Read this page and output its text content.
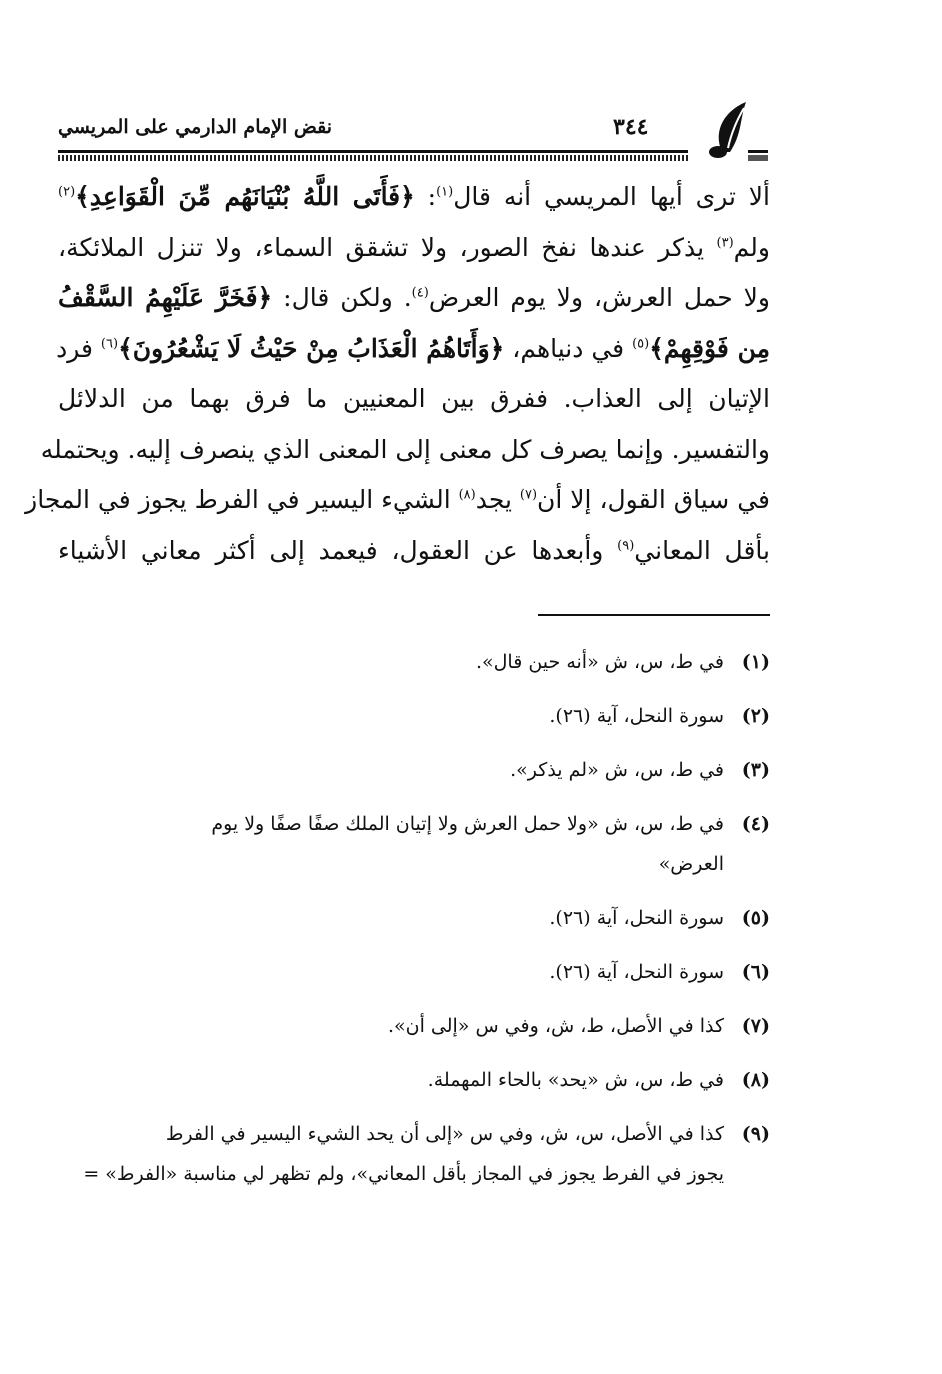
نقض الإمام الدارمي على المريسي	٣٤٤
ألا ترى أيها المريسي أنه قال$^{(١)}$: ﴿فَأَتَى اللَّهُ بُنْيَانَهُم مِّنَ الْقَوَاعِدِ﴾$^{(٢)}$
ولم$^{(٣)}$ يذكر عندها نفخ الصور، ولا تشقق السماء، ولا تنزل الملائكة،
ولا حمل العرش، ولا يوم العرض$^{(٤)}$. ولكن قال: ﴿فَخَرَّ عَلَيْهِمُ السَّقْفُ
مِن فَوْقِهِمْ﴾$^{(٥)}$ في دنياهم، ﴿وَأَتَاهُمُ الْعَذَابُ مِنْ حَيْثُ لَا يَشْعُرُونَ﴾$^{(٦)}$ فرد
الإتيان إلى العذاب. ففرق بين المعنيين ما فرق بهما من الدلائل
والتفسير. وإنما يصرف كل معنى إلى المعنى الذي ينصرف إليه. ويحتمله
في سياق القول، إلا أن$^{(٧)}$ يجد$^{(٨)}$ الشيء اليسير في الفرط يجوز في المجاز
بأقل المعاني$^{(٩)}$ وأبعدها عن العقول، فيعمد إلى أكثر معاني الأشياء
(١)في ط، س، ش «أنه حين قال».
(٢)سورة النحل، آية (٢٦).
(٣)في ط، س، ش «لم يذكر».
(٤)في ط، س، ش «ولا حمل العرش ولا إتيان الملك صفًا صفًا ولا يوم
العرض»
(٥)سورة النحل، آية (٢٦).
(٦)سورة النحل، آية (٢٦).
(٧)كذا في الأصل، ط، ش، وفي س «إلى أن».
(٨)في ط، س، ش «يحد» بالحاء المهملة.
(٩)كذا في الأصل، س، ش، وفي س «إلى أن يحد الشيء اليسير في الفرط
يجوز في الفرط يجوز في المجاز بأقل المعاني»، ولم تظهر لي مناسبة «الفرط» =
